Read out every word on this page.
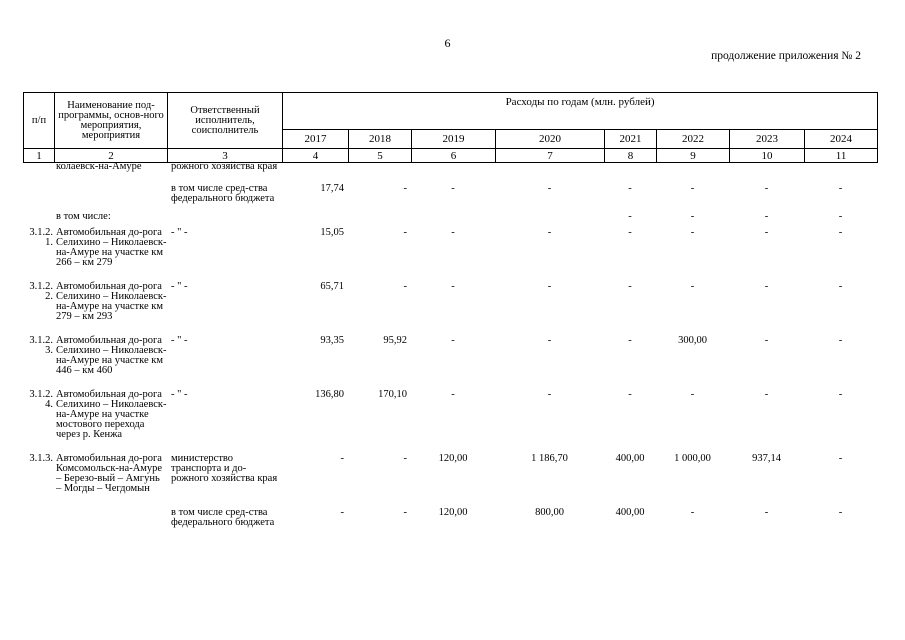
6
продолжение приложения № 2
п/п	Наименование под-программы, основ-ного мероприятия, мероприятия	Ответственный исполнитель, соисполнитель	Расходы по годам (млн. рублей)							
			2017	2018	2019	2020	2021	2022	2023	2024
1	2	3	4	5	6	7	8	9	10	11
	колаевск-на-Амуре	рожного хозяйства края								

		в том числе сред-ства федерального бюджета	17,74	-	-	-	-	-	-	-

	в том числе:						-	-	-	-

3.1.2. 1.	Автомобильная до-рога Селихино – Николаевск-на-Амуре на участке км 266 – км 279	- " -	15,05	-	-	-	-	-	-	-

3.1.2. 2.	Автомобильная до-рога Селихино – Николаевск-на-Амуре на участке км 279 – км 293	- " -	65,71	-	-	-	-	-	-	-

3.1.2. 3.	Автомобильная до-рога Селихино – Николаевск-на-Амуре на участке км 446 – км 460	- " -	93,35	95,92	-	-	-	300,00	-	-

3.1.2. 4.	Автомобильная до-рога Селихино – Николаевск-на-Амуре на участке мостового перехода через р. Кенжа	- " -	136,80	170,10	-	-	-	-	-	-

3.1.3.	Автомобильная до-рога Комсомольск-на-Амуре – Березо-вый – Амгунь – Могды – Чегдомын	министерство транспорта и до-рожного хозяйства края	-	-	120,00	1 186,70	400,00	1 000,00	937,14	-

		в том числе сред-ства федерального бюджета	-	-	120,00	800,00	400,00	-	-	-
